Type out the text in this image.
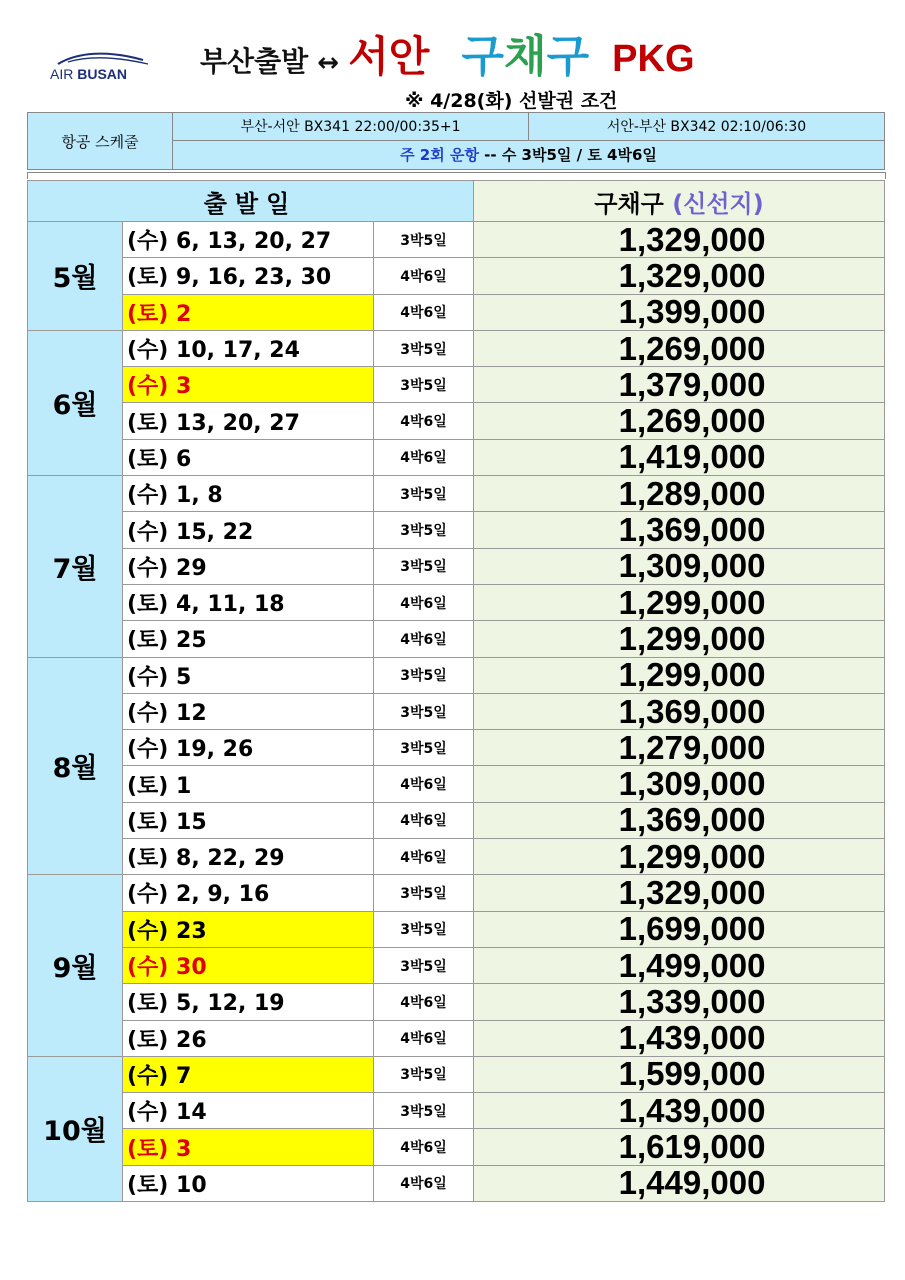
AIR BUSAN	부산출발 ↔ 서안 구채구 PKG
※ 4/28(화) 선발권 조건
항공 스케줄	부산-서안 BX341 22:00/00:35+1	서안-부산 BX342 02:10/06:30
주 2회 운항 -- 수 3박5일 / 토 4박6일
출발일			구채구 (신선지)
5월	(수) 6, 13, 20, 27	3박5일	1,329,000
	(토) 9, 16, 23, 30	4박6일	1,329,000
	(토) 2	4박6일	1,399,000
6월	(수) 10, 17, 24	3박5일	1,269,000
	(수) 3	3박5일	1,379,000
	(토) 13, 20, 27	4박6일	1,269,000
	(토) 6	4박6일	1,419,000
7월	(수) 1, 8	3박5일	1,289,000
	(수) 15, 22	3박5일	1,369,000
	(수) 29	3박5일	1,309,000
	(토) 4, 11, 18	4박6일	1,299,000
	(토) 25	4박6일	1,299,000
8월	(수) 5	3박5일	1,299,000
	(수) 12	3박5일	1,369,000
	(수) 19, 26	3박5일	1,279,000
	(토) 1	4박6일	1,309,000
	(토) 15	4박6일	1,369,000
	(토) 8, 22, 29	4박6일	1,299,000
9월	(수) 2, 9, 16	3박5일	1,329,000
	(수) 23	3박5일	1,699,000
	(수) 30	3박5일	1,499,000
	(토) 5, 12, 19	4박6일	1,339,000
	(토) 26	4박6일	1,439,000
10월	(수) 7	3박5일	1,599,000
	(수) 14	3박5일	1,439,000
	(토) 3	4박6일	1,619,000
	(토) 10	4박6일	1,449,000
